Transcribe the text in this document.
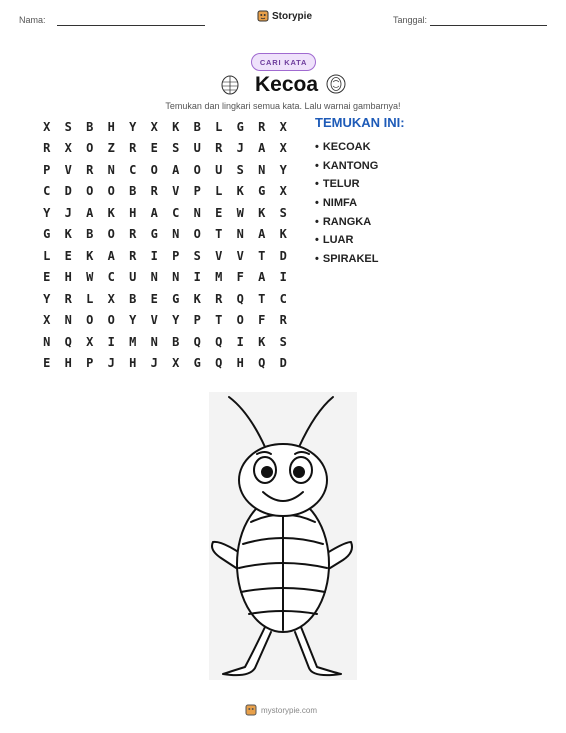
Nama:	Storypie	Tanggal:
CARI KATA
Kecoa
Temukan dan lingkari semua kata. Lalu warnai gambarnya!
X	S	B	H	Y	X	K	B	L	G	R	X
R	X	O	Z	R	E	S	U	R	J	A	X
P	V	R	N	C	O	A	O	U	S	N	Y
C	D	O	O	B	R	V	P	L	K	G	X
Y	J	A	K	H	A	C	N	E	W	K	S
G	K	B	O	R	G	N	O	T	N	A	K
L	E	K	A	R	I	P	S	V	V	T	D
E	H	W	C	U	N	N	I	M	F	A	I
Y	R	L	X	B	E	G	K	R	Q	T	C
X	N	O	O	Y	V	Y	P	T	O	F	R
N	Q	X	I	M	N	B	Q	Q	I	K	S
E	H	P	J	H	J	X	G	Q	H	Q	D
TEMUKAN INI:
• KECOAK
• KANTONG
• TELUR
• NIMFA
• RANGKA
• LUAR
• SPIRAKEL
mystorypie.com
